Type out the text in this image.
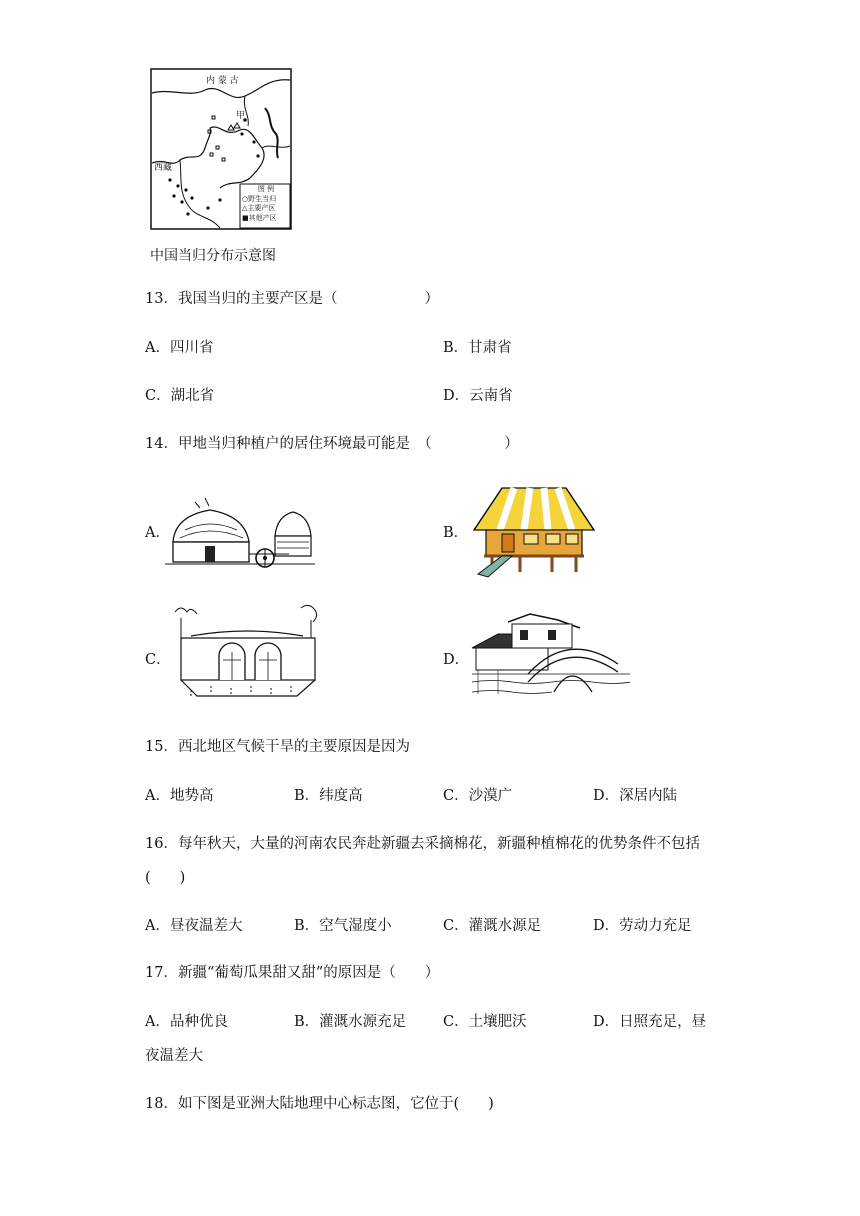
内 蒙 古
西藏
甲
图 例
○野生当归
△主要产区
■其他产区
中国当归分布示意图
13．我国当归的主要产区是（　　　　　　）
A．四川省	B．甘肃省
C．湖北省	D．云南省
14．甲地当归种植户的居住环境最可能是　（　　　　　）
A．	B．
C．	D．
15．西北地区气候干旱的主要原因是因为
A．地势高	B．纬度高	C．沙漠广	D．深居内陆
16．每年秋天，大量的河南农民奔赴新疆去采摘棉花，新疆种植棉花的优势条件不包括
(　　)
A．昼夜温差大	B．空气湿度小	C．灌溉水源足	D．劳动力充足
17．新疆“葡萄瓜果甜又甜”的原因是（　　）
A．品种优良	B．灌溉水源充足	C．土壤肥沃	D．日照充足，昼
夜温差大
18．如下图是亚洲大陆地理中心标志图，它位于(　　)
